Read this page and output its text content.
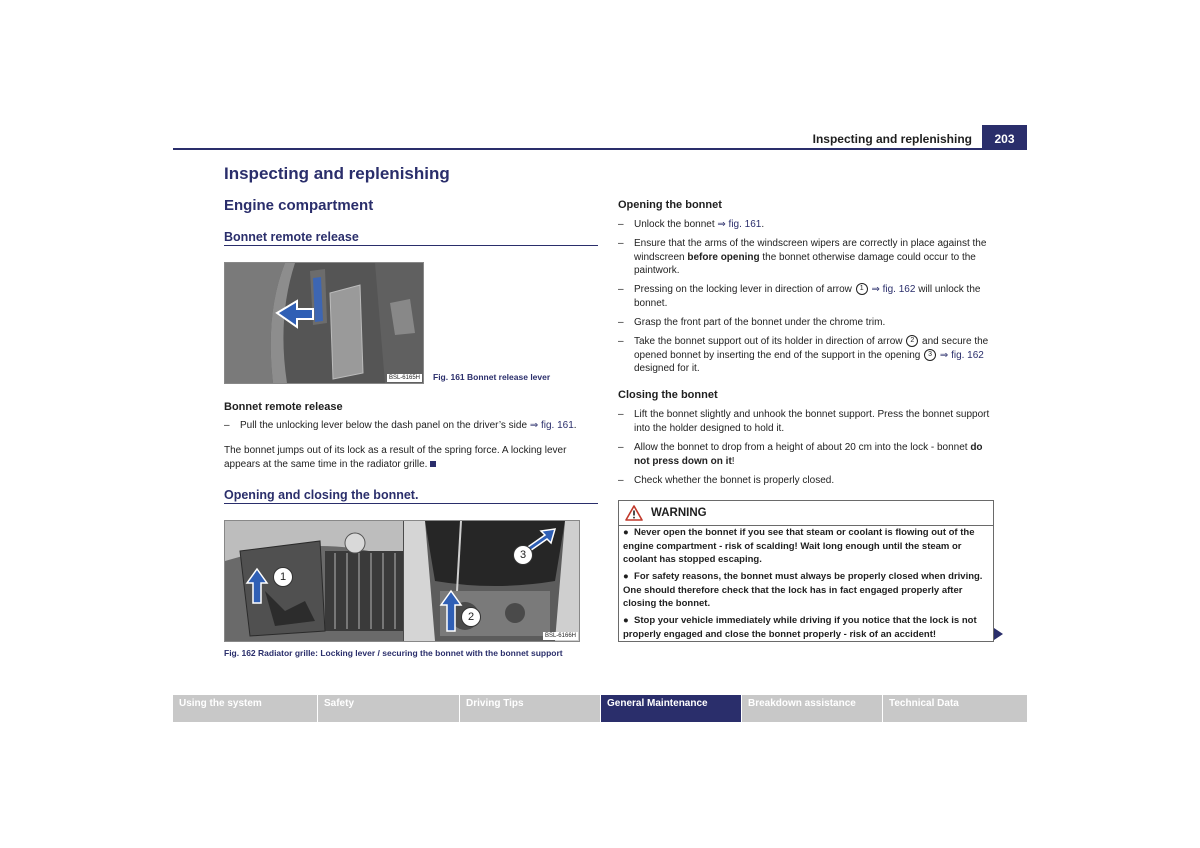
Inspecting and replenishing	203
Inspecting and replenishing
Engine compartment
Bonnet remote release
BSL-6165H Fig. 161 Bonnet release lever
Bonnet remote release
– Pull the unlocking lever below the dash panel on the driver’s side ⇒ fig. 161.
The bonnet jumps out of its lock as a result of the spring force. A locking lever appears at the same time in the radiator grille.
Opening and closing the bonnet.
1
2
3
BSL-6166H
Fig. 162 Radiator grille: Locking lever / securing the bonnet with the bonnet support
Opening the bonnet
– Unlock the bonnet ⇒ fig. 161.
– Ensure that the arms of the windscreen wipers are correctly in place against the windscreen before opening the bonnet otherwise damage could occur to the paintwork.
– Pressing on the locking lever in direction of arrow 1 ⇒ fig. 162 will unlock the bonnet.
– Grasp the front part of the bonnet under the chrome trim.
– Take the bonnet support out of its holder in direction of arrow 2 and secure the opened bonnet by inserting the end of the support in the opening 3 ⇒ fig. 162 designed for it.
Closing the bonnet
– Lift the bonnet slightly and unhook the bonnet support. Press the bonnet support into the holder designed to hold it.
– Allow the bonnet to drop from a height of about 20 cm into the lock - bonnet do not press down on it!
– Check whether the bonnet is properly closed.
WARNING
● Never open the bonnet if you see that steam or coolant is flowing out of the engine compartment - risk of scalding! Wait long enough until the steam or coolant has stopped escaping.
● For safety reasons, the bonnet must always be properly closed when driving. One should therefore check that the lock has in fact engaged properly after closing the bonnet.
● Stop your vehicle immediately while driving if you notice that the lock is not properly engaged and close the bonnet properly - risk of an accident!
Using the system	Safety	Driving Tips	General Maintenance	Breakdown assistance	Technical Data
